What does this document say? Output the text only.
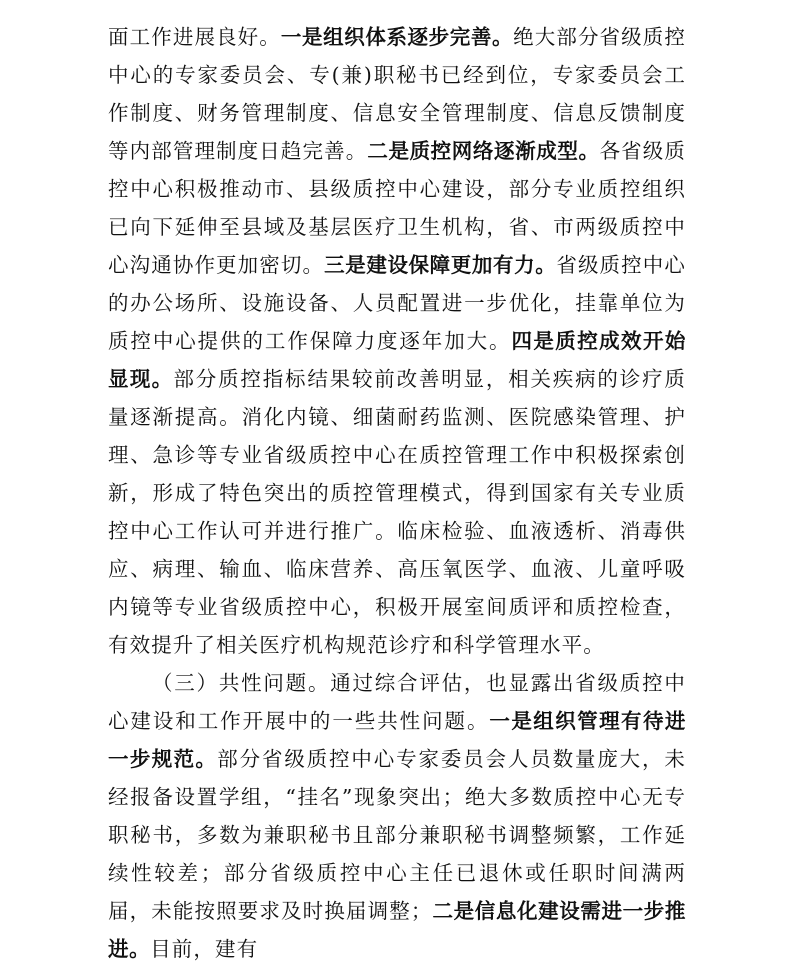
面工作进展良好。一是组织体系逐步完善。绝大部分省级质控中心的专家委员会、专(兼)职秘书已经到位，专家委员会工作制度、财务管理制度、信息安全管理制度、信息反馈制度等内部管理制度日趋完善。二是质控网络逐渐成型。各省级质控中心积极推动市、县级质控中心建设，部分专业质控组织已向下延伸至县域及基层医疗卫生机构，省、市两级质控中心沟通协作更加密切。三是建设保障更加有力。省级质控中心的办公场所、设施设备、人员配置进一步优化，挂靠单位为质控中心提供的工作保障力度逐年加大。四是质控成效开始显现。部分质控指标结果较前改善明显，相关疾病的诊疗质量逐渐提高。消化内镜、细菌耐药监测、医院感染管理、护理、急诊等专业省级质控中心在质控管理工作中积极探索创新，形成了特色突出的质控管理模式，得到国家有关专业质控中心工作认可并进行推广。临床检验、血液透析、消毒供应、病理、输血、临床营养、高压氧医学、血液、儿童呼吸内镜等专业省级质控中心，积极开展室间质评和质控检查，有效提升了相关医疗机构规范诊疗和科学管理水平。

（三）共性问题。通过综合评估，也显露出省级质控中心建设和工作开展中的一些共性问题。一是组织管理有待进一步规范。部分省级质控中心专家委员会人员数量庞大，未经报备设置学组，“挂名”现象突出；绝大多数质控中心无专职秘书，多数为兼职秘书且部分兼职秘书调整频繁，工作延续性较差；部分省级质控中心主任已退休或任职时间满两届，未能按照要求及时换届调整；二是信息化建设需进一步推进。目前，建有
